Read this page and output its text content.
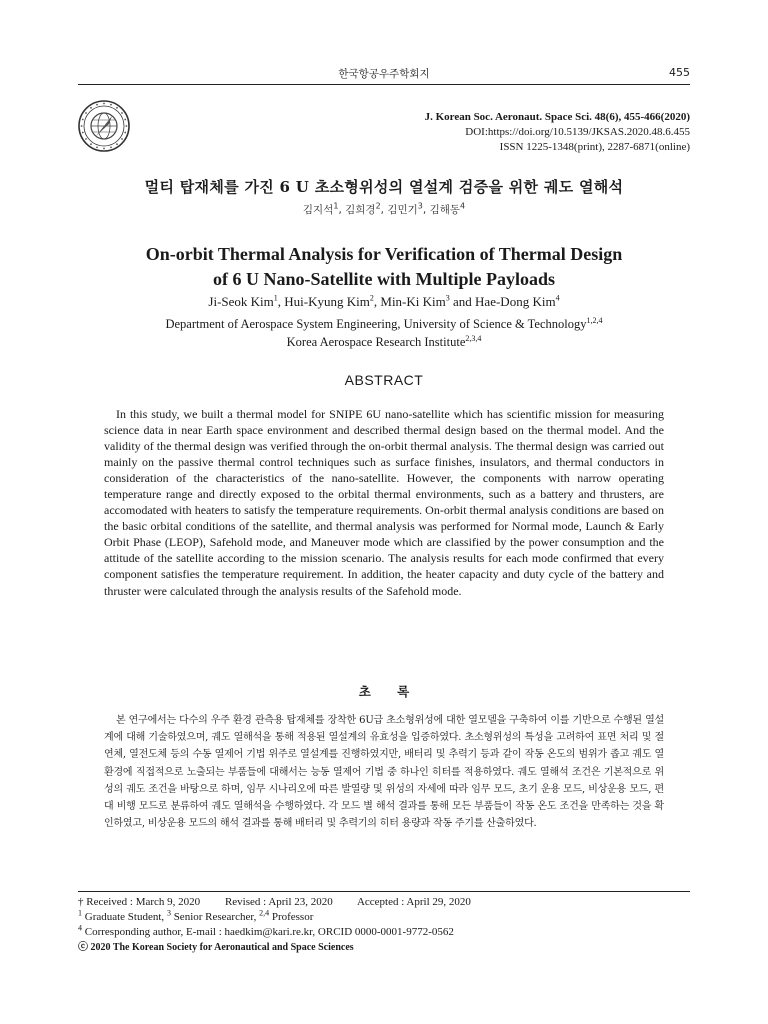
한국항공우주학회지	455
J. Korean Soc. Aeronaut. Space Sci. 48(6), 455-466(2020)
DOI:https://doi.org/10.5139/JKSAS.2020.48.6.455
ISSN 1225-1348(print), 2287-6871(online)
멀티 탑재체를 가진 6 U 초소형위성의 열설계 검증을 위한 궤도 열해석
김지석$^1$, 김희경$^2$, 김민기$^3$, 김해동$^4$
On-orbit Thermal Analysis for Verification of Thermal Design
of 6 U Nano-Satellite with Multiple Payloads
Ji-Seok Kim$^1$, Hui-Kyung Kim$^2$, Min-Ki Kim$^3$ and Hae-Dong Kim$^4$
Department of Aerospace System Engineering, University of Science & Technology$^{1,2,4}$
Korea Aerospace Research Institute$^{2,3,4}$
ABSTRACT

In this study, we built a thermal model for SNIPE 6U nano-satellite which has scientific mission for measuring science data in near Earth space environment and described thermal design based on the thermal model. And the validity of the thermal design was verified through the on-orbit thermal analysis. The thermal design was carried out mainly on the passive thermal control techniques such as surface finishes, insulators, and thermal conductors in consideration of the characteristics of the nano-satellite. However, the components with narrow operating temperature range and directly exposed to the orbital thermal environments, such as a battery and thrusters, are accomodated with heaters to satisfy the temperature requirements. On-orbit thermal analysis conditions are based on the basic orbital conditions of the satellite, and thermal analysis was performed for Normal mode, Launch & Early Orbit Phase (LEOP), Safehold mode, and Maneuver mode which are classified by the power consumption and the attitude of the satellite according to the mission scenario. The analysis results for each mode confirmed that every component satisfies the temperature requirement. In addition, the heater capacity and duty cycle of the battery and thruster were calculated through the analysis results of the Safehold mode.

초 록

본 연구에서는 다수의 우주 환경 관측용 탑재체를 장착한 6U급 초소형위성에 대한 열모델을 구축하여 이를 기반으로 수행된 열설계에 대해 기술하였으며, 궤도 열해석을 통해 적용된 열설계의 유효성을 입증하였다. 초소형위성의 특성을 고려하여 표면 처리 및 절연체, 열전도체 등의 수동 열제어 기법 위주로 열설계를 진행하였지만, 배터리 및 추력기 등과 같이 작동 온도의 범위가 좁고 궤도 열환경에 직접적으로 노출되는 부품들에 대해서는 능동 열제어 기법 중 하나인 히터를 적용하였다. 궤도 열해석 조건은 기본적으로 위성의 궤도 조건을 바탕으로 하며, 임무 시나리오에 따른 발열량 및 위성의 자세에 따라 임무 모드, 초기 운용 모드, 비상운용 모드, 편대 비행 모드로 분류하여 궤도 열해석을 수행하였다. 각 모드 별 해석 결과를 통해 모든 부품들이 작동 온도 조건을 만족하는 것을 확인하였고, 비상운용 모드의 해석 결과를 통해 배터리 및 추력기의 히터 용량과 작동 주기를 산출하였다.

† Received : March 9, 2020 Revised : April 23, 2020 Accepted : April 29, 2020
$^1$ Graduate Student, $^3$ Senior Researcher, $^{2,4}$ Professor
$^4$ Corresponding author, E-mail : haedkim@kari.re.kr, ORCID 0000-0001-9772-0562
ⓒ 2020 The Korean Society for Aeronautical and Space Sciences
